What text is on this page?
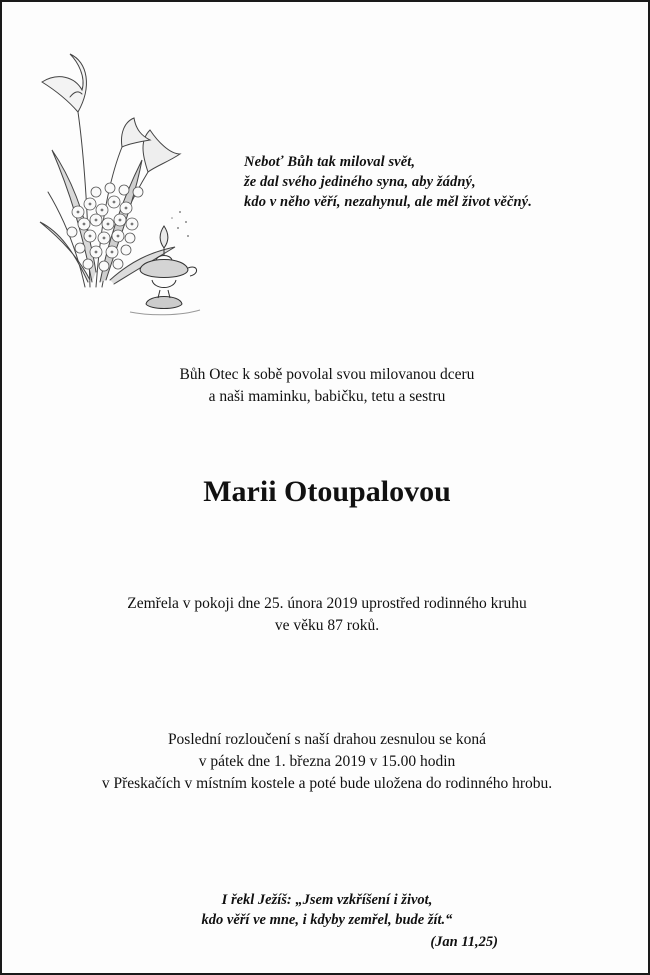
Neboť Bůh tak miloval svět,
že dal svého jediného syna, aby žádný,
kdo v něho věří, nezahynul, ale měl život věčný.
Bůh Otec k sobě povolal svou milovanou dceru
a naši maminku, babičku, tetu a sestru
Marii Otoupalovou
Zemřela v pokoji dne 25. února 2019 uprostřed rodinného kruhu
ve věku 87 roků.
Poslední rozloučení s naší drahou zesnulou se koná
v pátek dne 1. března 2019 v 15.00 hodin
v Přeskačích v místním kostele a poté bude uložena do rodinného hrobu.
I řekl Ježíš: „Jsem vzkříšení i život,
kdo věří ve mne, i kdyby zemřel, bude žít.“
(Jan 11,25)
